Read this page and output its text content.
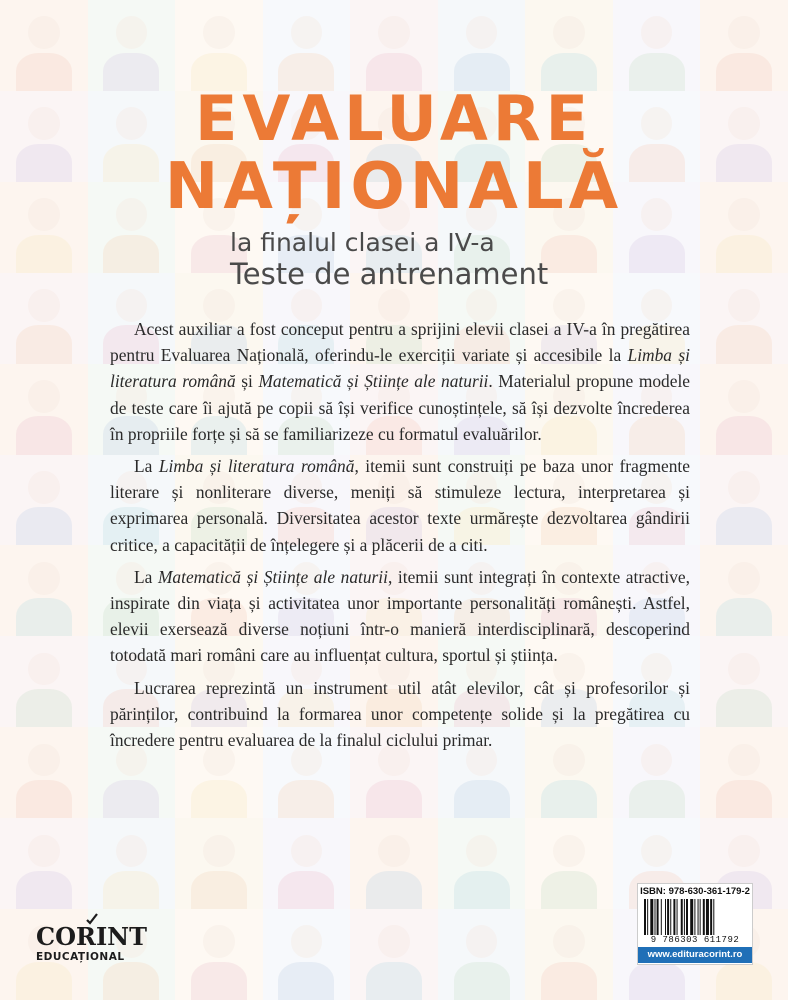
EVALUARE
NAȚIONALĂ
la finalul clasei a IV-a
Teste de antrenament

Acest auxiliar a fost conceput pentru a sprijini elevii clasei a IV-a în pregătirea pentru Evaluarea Națională, oferindu-le exerciții variate și accesibile la Limba și literatura română și Matematică și Științe ale naturii. Materialul propune modele de teste care îi ajută pe copii să își verifice cunoștințele, să își dezvolte încrederea în propriile forțe și să se familiarizeze cu formatul evaluărilor.

La Limba și literatura română, itemii sunt construiți pe baza unor fragmente literare și nonliterare diverse, meniți să stimuleze lectura, interpretarea și exprimarea personală. Diversitatea acestor texte urmărește dezvoltarea gândirii critice, a capacității de înțelegere și a plăcerii de a citi.

La Matematică și Științe ale naturii, itemii sunt integrați în contexte atractive, inspirate din viața și activitatea unor importante personalități românești. Astfel, elevii exersează diverse noțiuni într-o manieră interdisciplinară, descoperind totodată mari români care au influențat cultura, sportul și știința.

Lucrarea reprezintă un instrument util atât elevilor, cât și profesorilor și părinților, contribuind la formarea unor competențe solide și la pregătirea cu încredere pentru evaluarea de la finalul ciclului primar.

CORINT
EDUCAȚIONAL
ISBN: 978-630-361-179-2
9 786303 611792
www.edituracorint.ro
